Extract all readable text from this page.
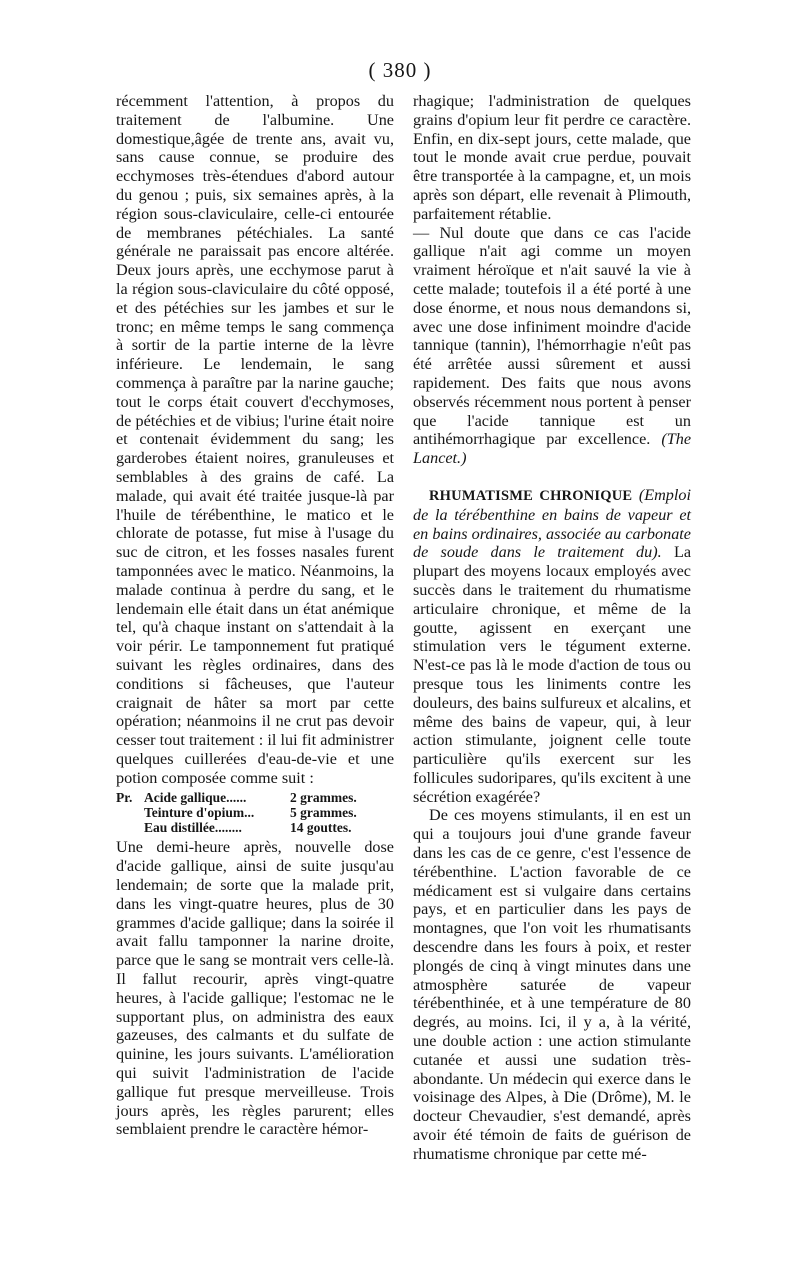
( 380 )

récemment l'attention, à propos du traitement de l'albumine. Une domestique,âgée de trente ans, avait vu, sans cause connue, se produire des ecchymoses très-étendues d'abord autour du genou ; puis, six semaines après, à la région sous-claviculaire, celle-ci entourée de membranes pétéchiales. La santé générale ne paraissait pas encore altérée. Deux jours après, une ecchymose parut à la région sous-claviculaire du côté opposé, et des pétéchies sur les jambes et sur le tronc; en même temps le sang commença à sortir de la partie interne de la lèvre inférieure. Le lendemain, le sang commença à paraître par la narine gauche; tout le corps était couvert d'ecchymoses, de pétéchies et de vibius; l'urine était noire et contenait évidemment du sang; les garderobes étaient noires, granuleuses et semblables à des grains de café. La malade, qui avait été traitée jusque-là par l'huile de térébenthine, le matico et le chlorate de potasse, fut mise à l'usage du suc de citron, et les fosses nasales furent tamponnées avec le matico. Néanmoins, la malade continua à perdre du sang, et le lendemain elle était dans un état anémique tel, qu'à chaque instant on s'attendait à la voir périr. Le tamponnement fut pratiqué suivant les règles ordinaires, dans des conditions si fâcheuses, que l'auteur craignait de hâter sa mort par cette opération; néanmoins il ne crut pas devoir cesser tout traitement : il lui fit administrer quelques cuillerées d'eau-de-vie et une potion composée comme suit :

Pr. Acide gallique......	2 grammes.
Teinture d'opium...	5 grammes.
Eau distillée........	14 gouttes.

Une demi-heure après, nouvelle dose d'acide gallique, ainsi de suite jusqu'au lendemain; de sorte que la malade prit, dans les vingt-quatre heures, plus de 30 grammes d'acide gallique; dans la soirée il avait fallu tamponner la narine droite, parce que le sang se montrait vers celle-là. Il fallut recourir, après vingt-quatre heures, à l'acide gallique; l'estomac ne le supportant plus, on administra des eaux gazeuses, des calmants et du sulfate de quinine, les jours suivants. L'amélioration qui suivit l'administration de l'acide gallique fut presque merveilleuse. Trois jours après, les règles parurent; elles semblaient prendre le caractère hémor-

rhagique; l'administration de quelques grains d'opium leur fit perdre ce caractère. Enfin, en dix-sept jours, cette malade, que tout le monde avait crue perdue, pouvait être transportée à la campagne, et, un mois après son départ, elle revenait à Plimouth, parfaitement rétablie.

— Nul doute que dans ce cas l'acide gallique n'ait agi comme un moyen vraiment héroïque et n'ait sauvé la vie à cette malade; toutefois il a été porté à une dose énorme, et nous nous demandons si, avec une dose infiniment moindre d'acide tannique (tannin), l'hémorrhagie n'eût pas été arrêtée aussi sûrement et aussi rapidement. Des faits que nous avons observés récemment nous portent à penser que l'acide tannique est un antihémorrhagique par excellence. (The Lancet.)

RHUMATISME CHRONIQUE (Emploi de la térébenthine en bains de vapeur et en bains ordinaires, associée au carbonate de soude dans le traitement du). La plupart des moyens locaux employés avec succès dans le traitement du rhumatisme articulaire chronique, et même de la goutte, agissent en exerçant une stimulation vers le tégument externe. N'est-ce pas là le mode d'action de tous ou presque tous les liniments contre les douleurs, des bains sulfureux et alcalins, et même des bains de vapeur, qui, à leur action stimulante, joignent celle toute particulière qu'ils exercent sur les follicules sudoripares, qu'ils excitent à une sécrétion exagérée?

De ces moyens stimulants, il en est un qui a toujours joui d'une grande faveur dans les cas de ce genre, c'est l'essence de térébenthine. L'action favorable de ce médicament est si vulgaire dans certains pays, et en particulier dans les pays de montagnes, que l'on voit les rhumatisants descendre dans les fours à poix, et rester plongés de cinq à vingt minutes dans une atmosphère saturée de vapeur térébenthinée, et à une température de 80 degrés, au moins. Ici, il y a, à la vérité, une double action : une action stimulante cutanée et aussi une sudation très-abondante. Un médecin qui exerce dans le voisinage des Alpes, à Die (Drôme), M. le docteur Chevaudier, s'est demandé, après avoir été témoin de faits de guérison de rhumatisme chronique par cette mé-
